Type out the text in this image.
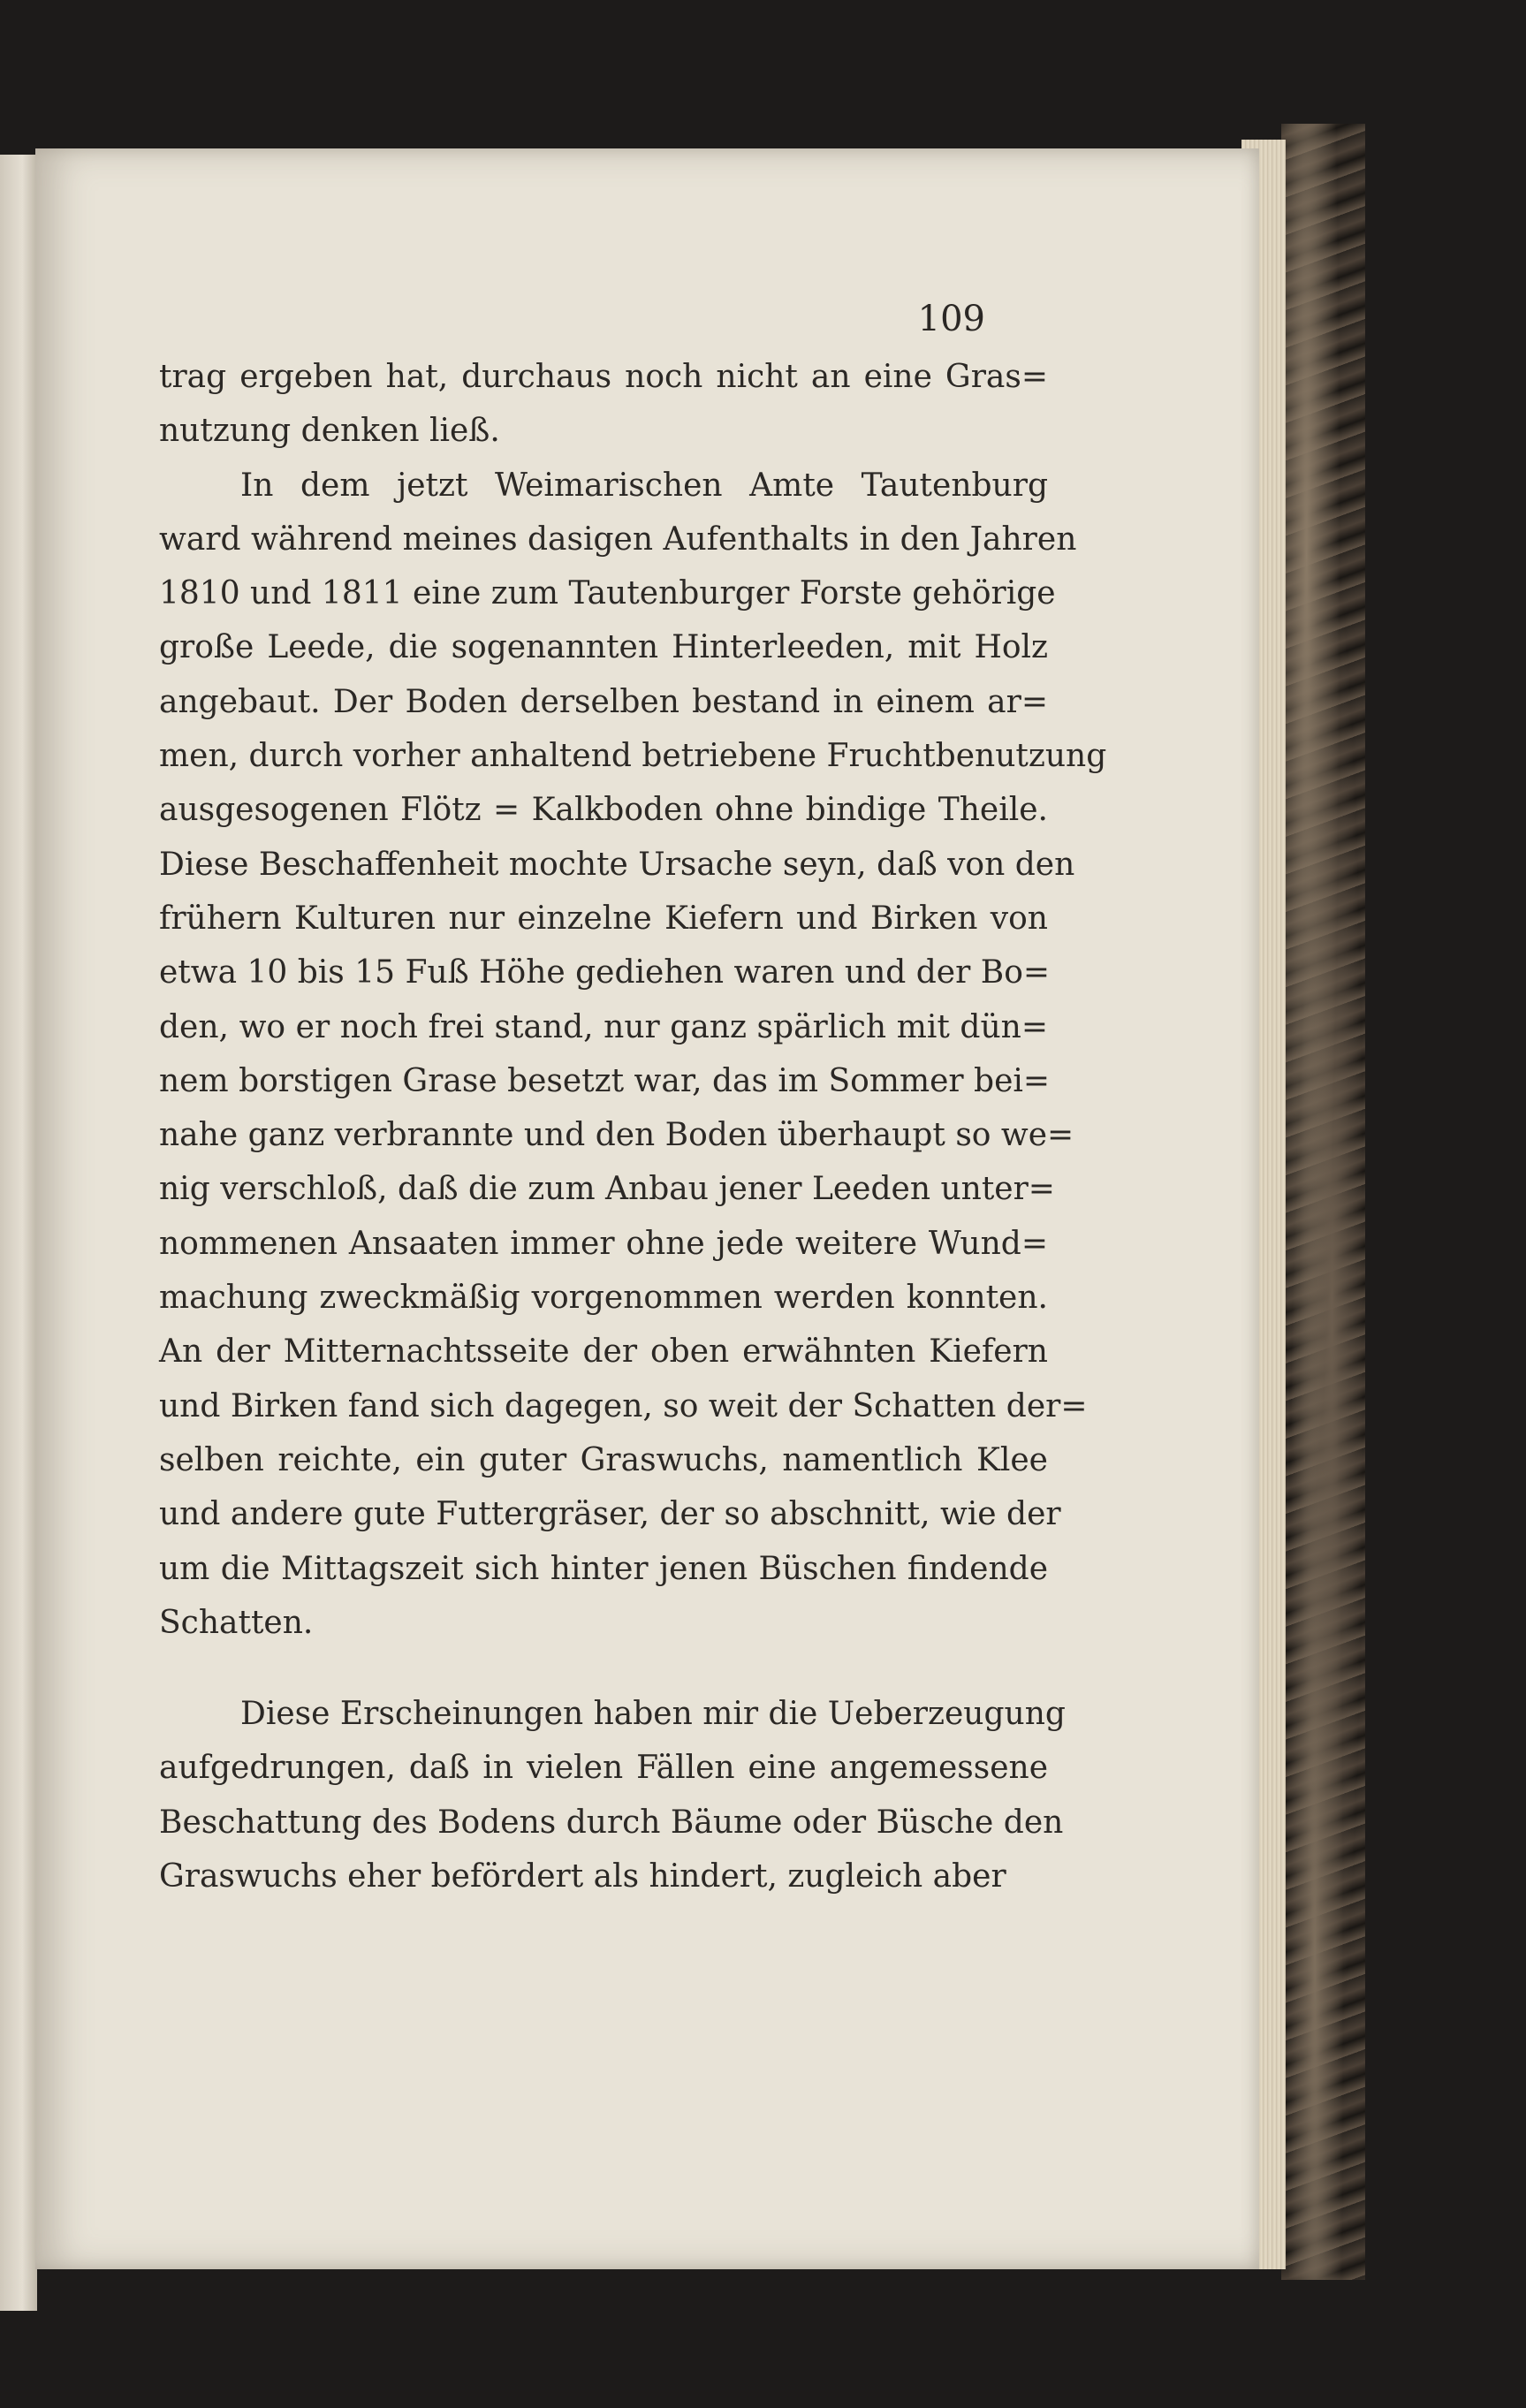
109

trag ergeben hat, durchaus noch nicht an eine Gras=
nutzung denken ließ.
In dem jetzt Weimarischen Amte Tautenburg
ward während meines dasigen Aufenthalts in den Jahren
1810 und 1811 eine zum Tautenburger Forste gehörige
große Leede, die sogenannten Hinterleeden, mit Holz
angebaut. Der Boden derselben bestand in einem ar=
men, durch vorher anhaltend betriebene Fruchtbenutzung
ausgesogenen Flötz = Kalkboden ohne bindige Theile.
Diese Beschaffenheit mochte Ursache seyn, daß von den
frühern Kulturen nur einzelne Kiefern und Birken von
etwa 10 bis 15 Fuß Höhe gediehen waren und der Bo=
den, wo er noch frei stand, nur ganz spärlich mit dün=
nem borstigen Grase besetzt war, das im Sommer bei=
nahe ganz verbrannte und den Boden überhaupt so we=
nig verschloß, daß die zum Anbau jener Leeden unter=
nommenen Ansaaten immer ohne jede weitere Wund=
machung zweckmäßig vorgenommen werden konnten.
An der Mitternachtsseite der oben erwähnten Kiefern
und Birken fand sich dagegen, so weit der Schatten der=
selben reichte, ein guter Graswuchs, namentlich Klee
und andere gute Futtergräser, der so abschnitt, wie der
um die Mittagszeit sich hinter jenen Büschen findende
Schatten.
Diese Erscheinungen haben mir die Ueberzeugung
aufgedrungen, daß in vielen Fällen eine angemessene
Beschattung des Bodens durch Bäume oder Büsche den
Graswuchs eher befördert als hindert, zugleich aber
